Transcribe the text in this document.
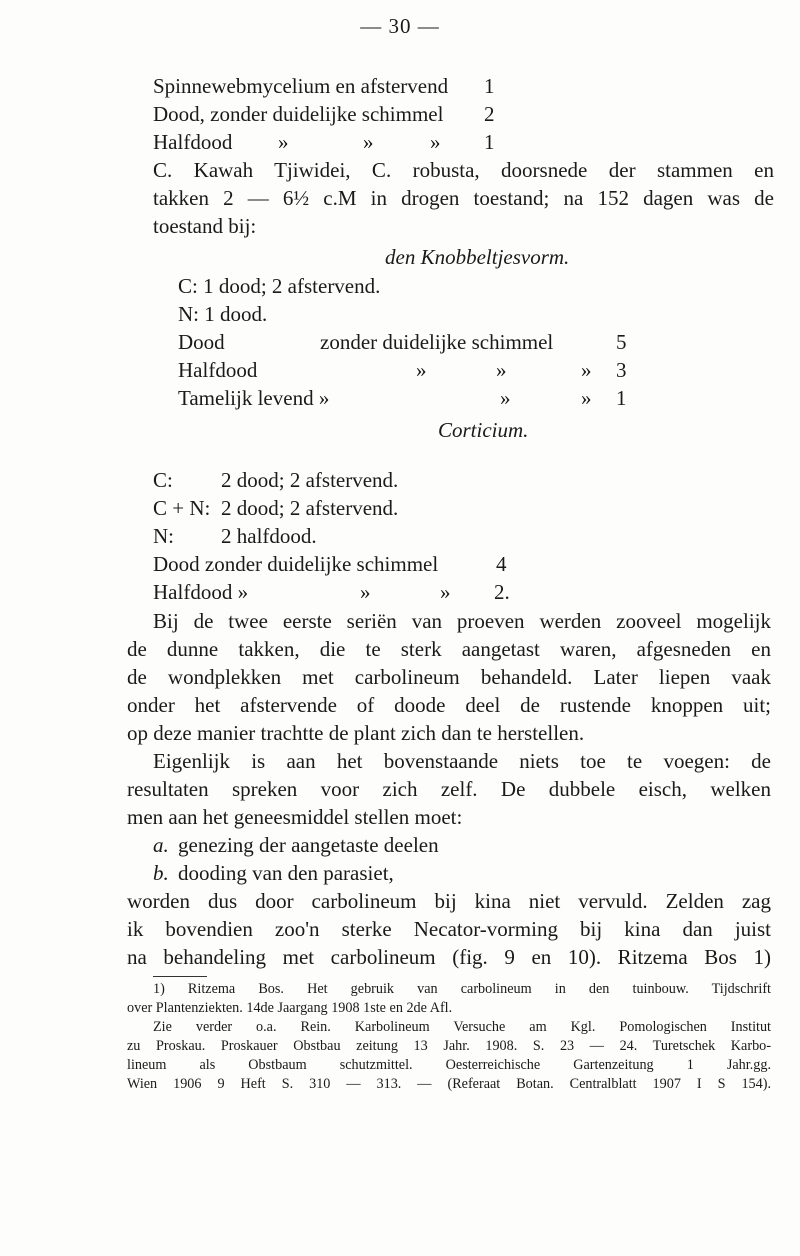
— 30 —
Spinnewebmycelium en afstervend 1
Dood, zonder duidelijke schimmel 2
Halfdood »	»	» 1
C. Kawah Tjiwidei, C. robusta, doorsnede der stammen en
takken 2 — 6½ c.M in drogen toestand; na 152 dagen was de
toestand bij:
den Knobbeltjesvorm.
C: 1 dood; 2 afstervend.
N: 1 dood.
Dood	zonder duidelijke schimmel	5
Halfdood	»	»	» 3
Tamelijk levend »	»	» 1
Corticium.
C: 2 dood; 2 afstervend.
C + N: 2 dood; 2 afstervend.
N: 2 halfdood.
Dood zonder duidelijke schimmel	4
Halfdood »	»	» 2.
Bij de twee eerste seriën van proeven werden zooveel mogelijk
de dunne takken, die te sterk aangetast waren, afgesneden en
de wondplekken met carbolineum behandeld. Later liepen vaak
onder het afstervende of doode deel de rustende knoppen uit;
op deze manier trachtte de plant zich dan te herstellen.
Eigenlijk is aan het bovenstaande niets toe te voegen: de
resultaten spreken voor zich zelf. De dubbele eisch, welken
men aan het geneesmiddel stellen moet:
a. genezing der aangetaste deelen
b. dooding van den parasiet,
worden dus door carbolineum bij kina niet vervuld. Zelden zag
ik bovendien zoo'n sterke Necator-vorming bij kina dan juist
na behandeling met carbolineum (fig. 9 en 10). Ritzema Bos 1)
1) Ritzema Bos. Het gebruik van carbolineum in den tuinbouw. Tijdschrift
over Plantenziekten. 14de Jaargang 1908 1ste en 2de Afl.
Zie verder o.a. Rein. Karbolineum Versuche am Kgl. Pomologischen Institut
zu Proskau. Proskauer Obstbau zeitung 13 Jahr. 1908. S. 23 — 24. Turetschek Karbo-
lineum als Obstbaum schutzmittel. Oesterreichische Gartenzeitung 1 Jahr.gg.
Wien 1906 9 Heft S. 310 — 313. — (Referaat Botan. Centralblatt 1907 I S 154).
